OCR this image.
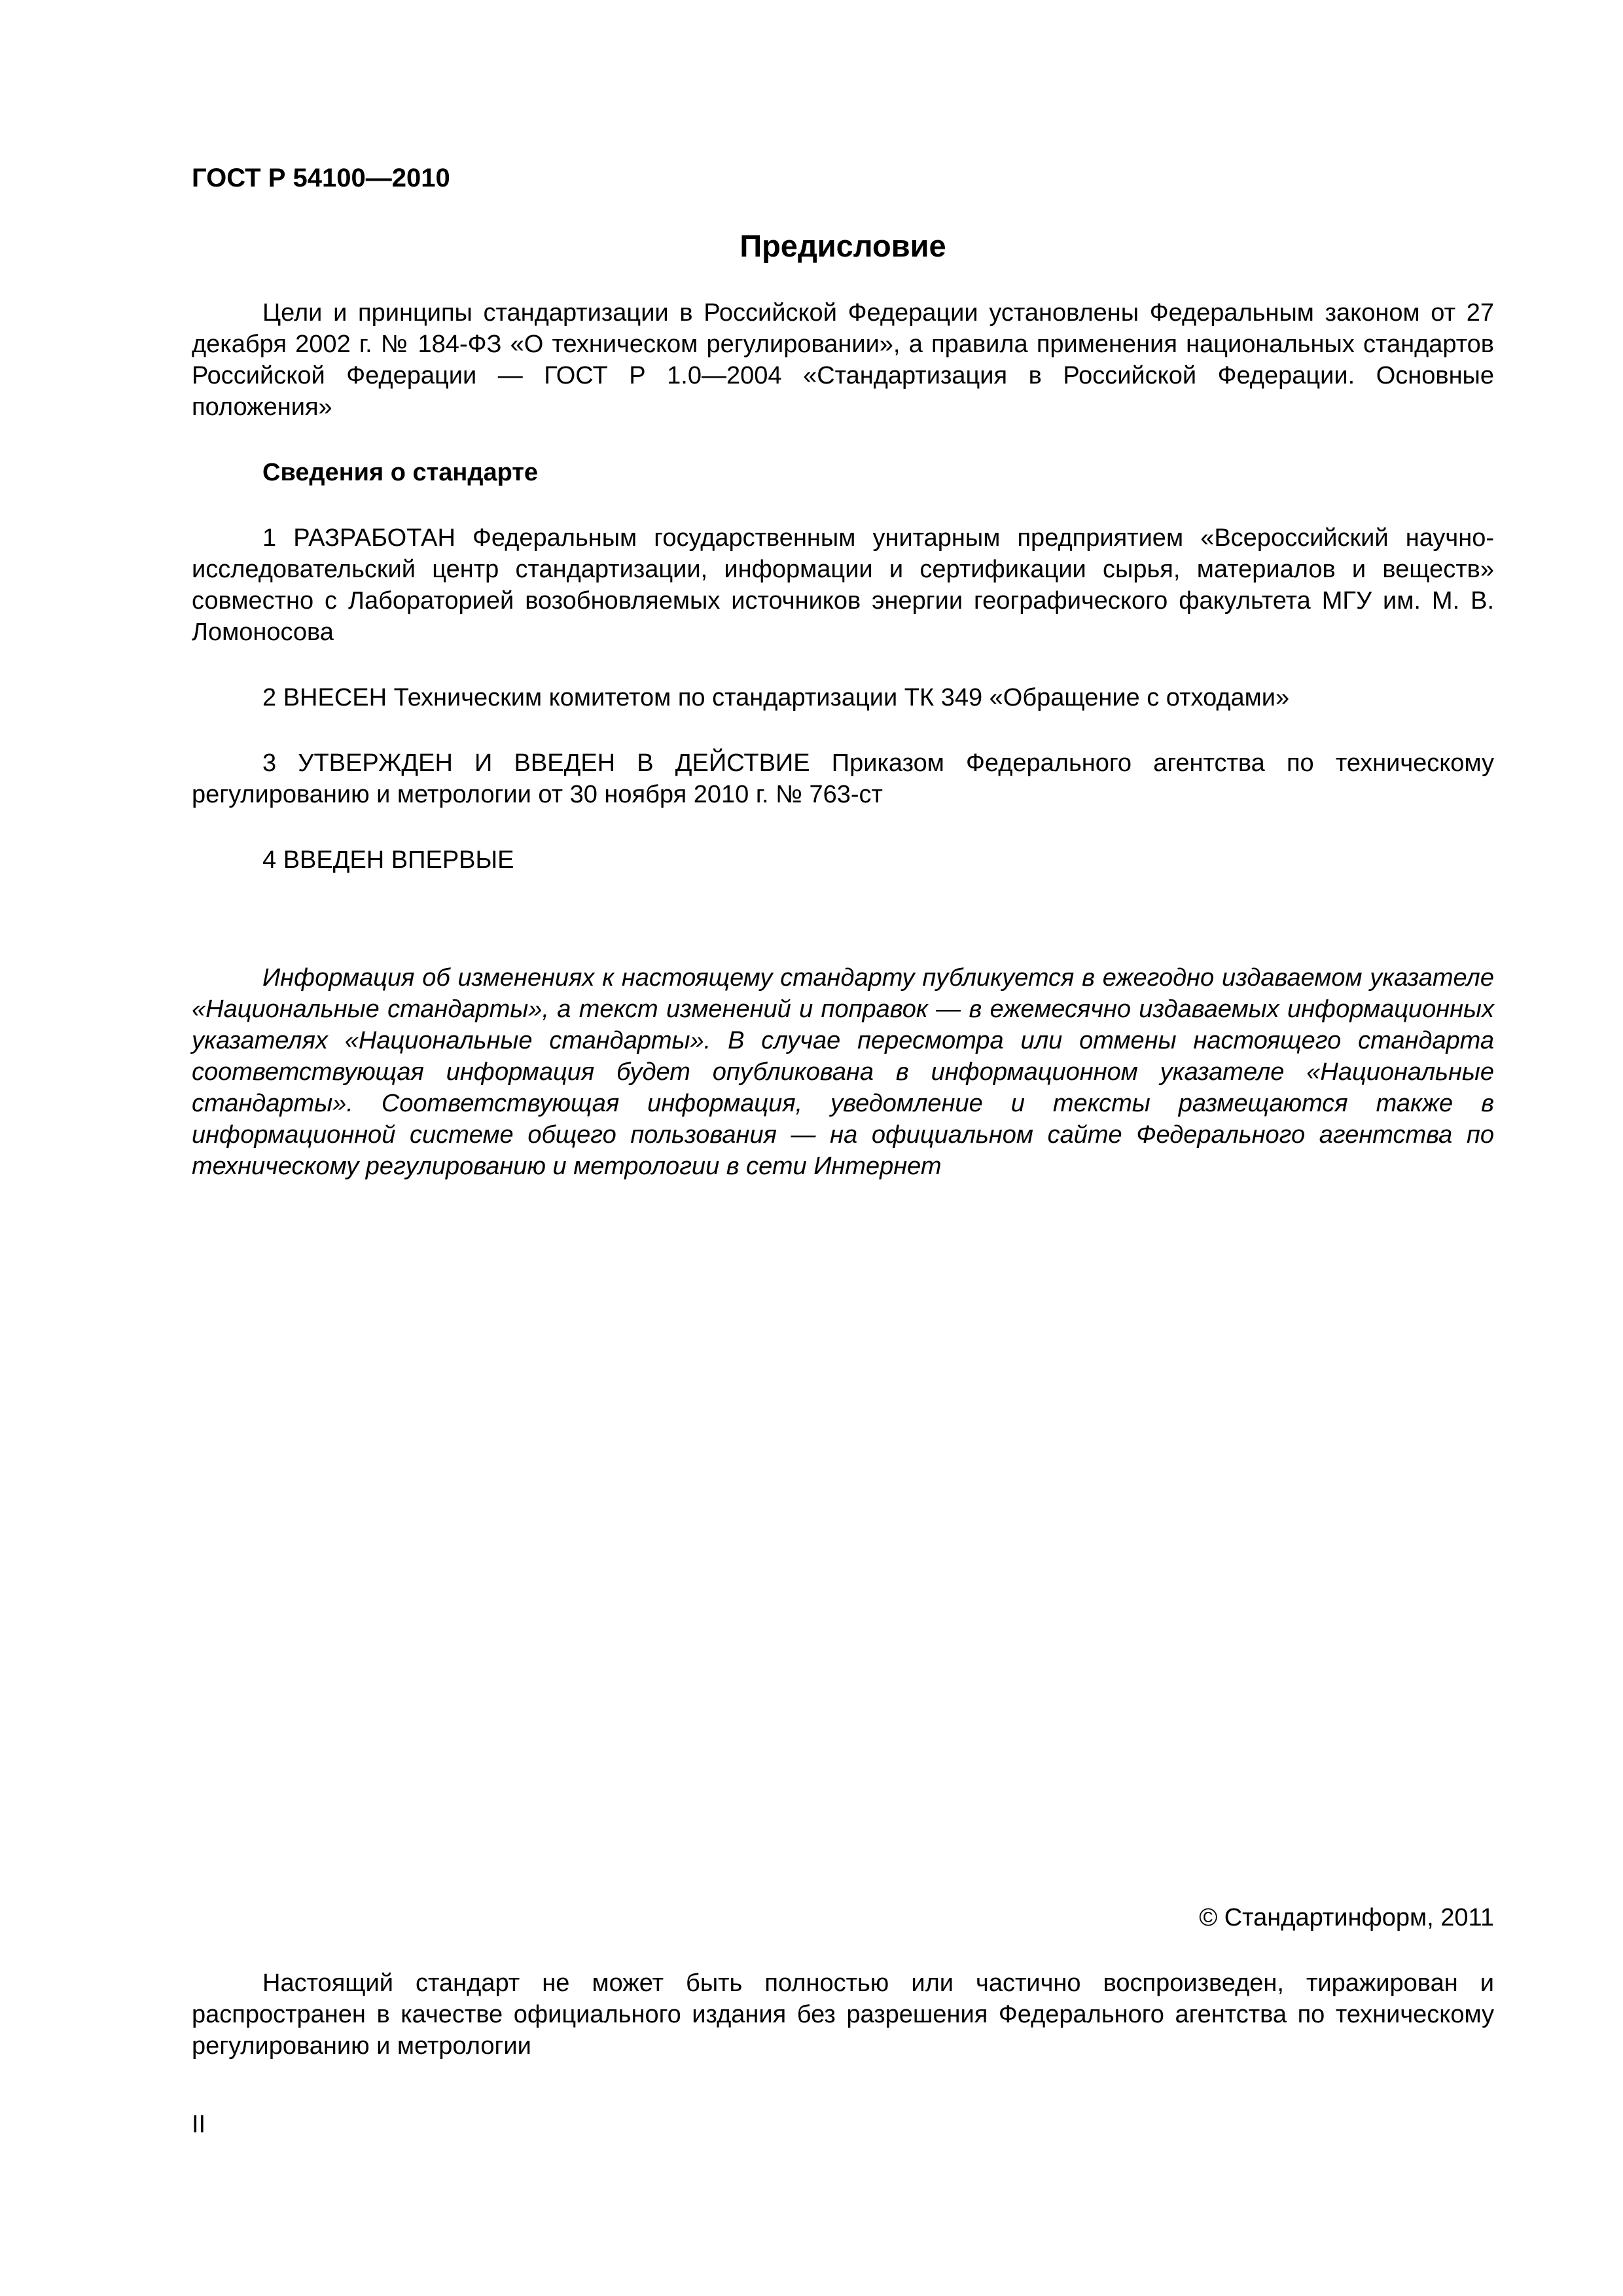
ГОСТ Р 54100—2010
Предисловие

Цели и принципы стандартизации в Российской Федерации установлены Федеральным законом от 27 декабря 2002 г. № 184-ФЗ «О техническом регулировании», а правила применения национальных стандартов Российской Федерации — ГОСТ Р 1.0—2004 «Стандартизация в Российской Федерации. Основные положения»

Сведения о стандарте

1 РАЗРАБОТАН Федеральным государственным унитарным предприятием «Всероссийский научно-исследовательский центр стандартизации, информации и сертификации сырья, материалов и веществ» совместно с Лабораторией возобновляемых источников энергии географического факультета МГУ им. М. В. Ломоносова

2 ВНЕСЕН Техническим комитетом по стандартизации ТК 349 «Обращение с отходами»

3 УТВЕРЖДЕН И ВВЕДЕН В ДЕЙСТВИЕ Приказом Федерального агентства по техническому регулированию и метрологии от 30 ноября 2010 г. № 763-ст

4 ВВЕДЕН ВПЕРВЫЕ

Информация об изменениях к настоящему стандарту публикуется в ежегодно издаваемом указателе «Национальные стандарты», а текст изменений и поправок — в ежемесячно издаваемых информационных указателях «Национальные стандарты». В случае пересмотра или отмены настоящего стандарта соответствующая информация будет опубликована в информационном указателе «Национальные стандарты». Соответствующая информация, уведомление и тексты размещаются также в информационной системе общего пользования — на официальном сайте Федерального агентства по техническому регулированию и метрологии в сети Интернет

© Стандартинформ, 2011

Настоящий стандарт не может быть полностью или частично воспроизведен, тиражирован и распространен в качестве официального издания без разрешения Федерального агентства по техническому регулированию и метрологии

II
